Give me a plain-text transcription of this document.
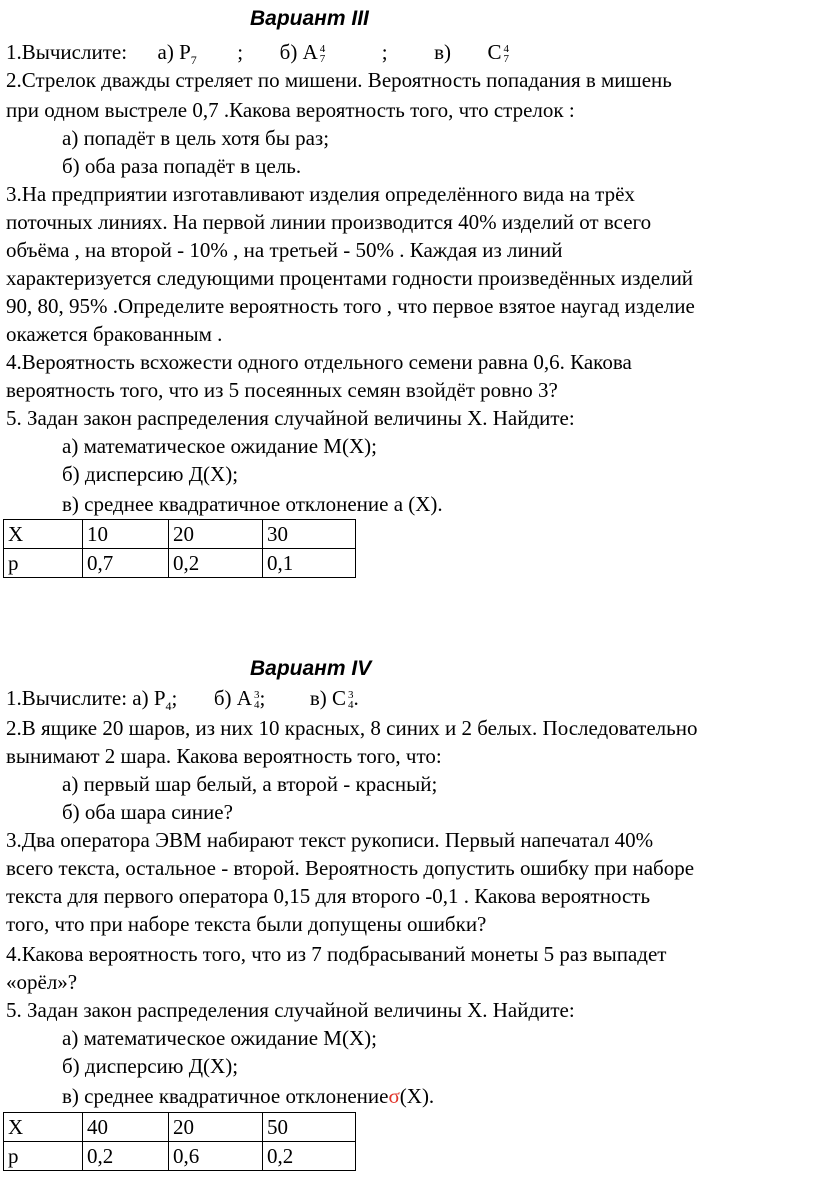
Вариант III
1.Вычислите: а) $P_7$ ; б) A 4
7	; в) C 4
7
2.Стрелок дважды стреляет по мишени. Вероятность попадания в мишень
при одном выстреле 0,7 .Какова вероятность того, что стрелок :
а) попадёт в цель хотя бы раз;
б) оба раза попадёт в цель.
3.На предприятии изготавливают изделия определённого вида на трёх
поточных линиях. На первой линии производится 40% изделий от всего
объёма , на второй - 10% , на третьей - 50% . Каждая из линий
характеризуется следующими процентами годности произведённых изделий
90, 80, 95% .Определите вероятность того , что первое взятое наугад изделие
окажется бракованным .
4.Вероятность всхожести одного отдельного семени равна 0,6. Какова
вероятность того, что из 5 посеянных семян взойдёт ровно 3?
5. Задан закон распределения случайной величины X. Найдите:
а) математическое ожидание М(X);
б) дисперсию Д(X);
в) среднее квадратичное отклонение а (X).
X	10	20	30
p	0,7	0,2	0,1
Вариант IV
1.Вычислите: а) $P_4$; б) A 3
4 ; в) C 3
4 .
2.В ящике 20 шаров, из них 10 красных, 8 синих и 2 белых. Последовательно
вынимают 2 шара. Какова вероятность того, что:
а) первый шар белый, а второй - красный;
б) оба шара синие?
3.Два оператора ЭВМ набирают текст рукописи. Первый напечатал 40%
всего текста, остальное - второй. Вероятность допустить ошибку при наборе
текста для первого оператора 0,15 для второго -0,1 . Какова вероятность
того, что при наборе текста были допущены ошибки?
4.Какова вероятность того, что из 7 подбрасываний монеты 5 раз выпадет
«орёл»?
5. Задан закон распределения случайной величины X. Найдите:
а) математическое ожидание М(X);
б) дисперсию Д(X);
в) среднее квадратичное отклонениеσ(X).
X	40	20	50
p	0,2	0,6	0,2
